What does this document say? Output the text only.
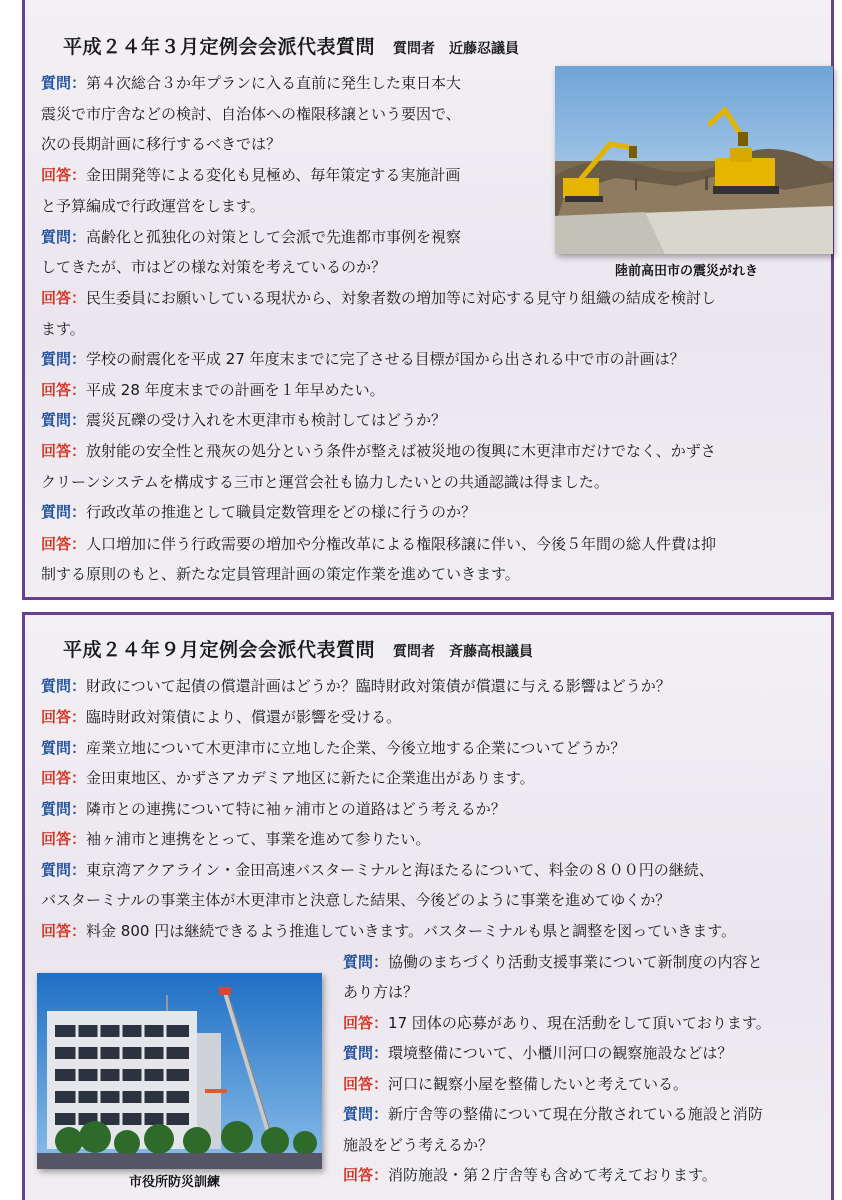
平成２４年３月定例会会派代表質問 質問者　近藤忍議員
陸前高田市の震災がれき
質問：第４次総合３か年プランに入る直前に発生した東日本大
震災で市庁舎などの検討、自治体への権限移譲という要因で、
次の長期計画に移行するべきでは？
回答：金田開発等による変化も見極め、毎年策定する実施計画
と予算編成で行政運営をします。
質問：高齢化と孤独化の対策として会派で先進都市事例を視察
してきたが、市はどの様な対策を考えているのか？
回答：民生委員にお願いしている現状から、対象者数の増加等に対応する見守り組織の結成を検討し
ます。
質問：学校の耐震化を平成 27 年度末までに完了させる目標が国から出される中で市の計画は？
回答：平成 28 年度末までの計画を１年早めたい。
質問：震災瓦礫の受け入れを木更津市も検討してはどうか？
回答：放射能の安全性と飛灰の処分という条件が整えば被災地の復興に木更津市だけでなく、かずさ
クリーンシステムを構成する三市と運営会社も協力したいとの共通認識は得ました。
質問：行政改革の推進として職員定数管理をどの様に行うのか？
回答：人口増加に伴う行政需要の増加や分権改革による権限移譲に伴い、今後５年間の総人件費は抑
制する原則のもと、新たな定員管理計画の策定作業を進めていきます。
平成２４年９月定例会会派代表質問 質問者　斉藤高根議員
質問：財政について起債の償還計画はどうか？臨時財政対策債が償還に与える影響はどうか？
回答：臨時財政対策債により、償還が影響を受ける。
質問：産業立地について木更津市に立地した企業、今後立地する企業についてどうか？
回答：金田東地区、かずさアカデミア地区に新たに企業進出があります。
質問：隣市との連携について特に袖ヶ浦市との道路はどう考えるか？
回答：袖ヶ浦市と連携をとって、事業を進めて参りたい。
質問：東京湾アクアライン・金田高速バスターミナルと海ほたるについて、料金の８００円の継続、
バスターミナルの事業主体が木更津市と決意した結果、今後どのように事業を進めてゆくか？
回答：料金 800 円は継続できるよう推進していきます。バスターミナルも県と調整を図っていきます。
市役所防災訓練
質問：協働のまちづくり活動支援事業について新制度の内容と
あり方は？
回答：17 団体の応募があり、現在活動をして頂いております。
質問：環境整備について、小櫃川河口の観察施設などは？
回答：河口に観察小屋を整備したいと考えている。
質問：新庁舎等の整備について現在分散されている施設と消防
施設をどう考えるか？
回答：消防施設・第２庁舎等も含めて考えております。
